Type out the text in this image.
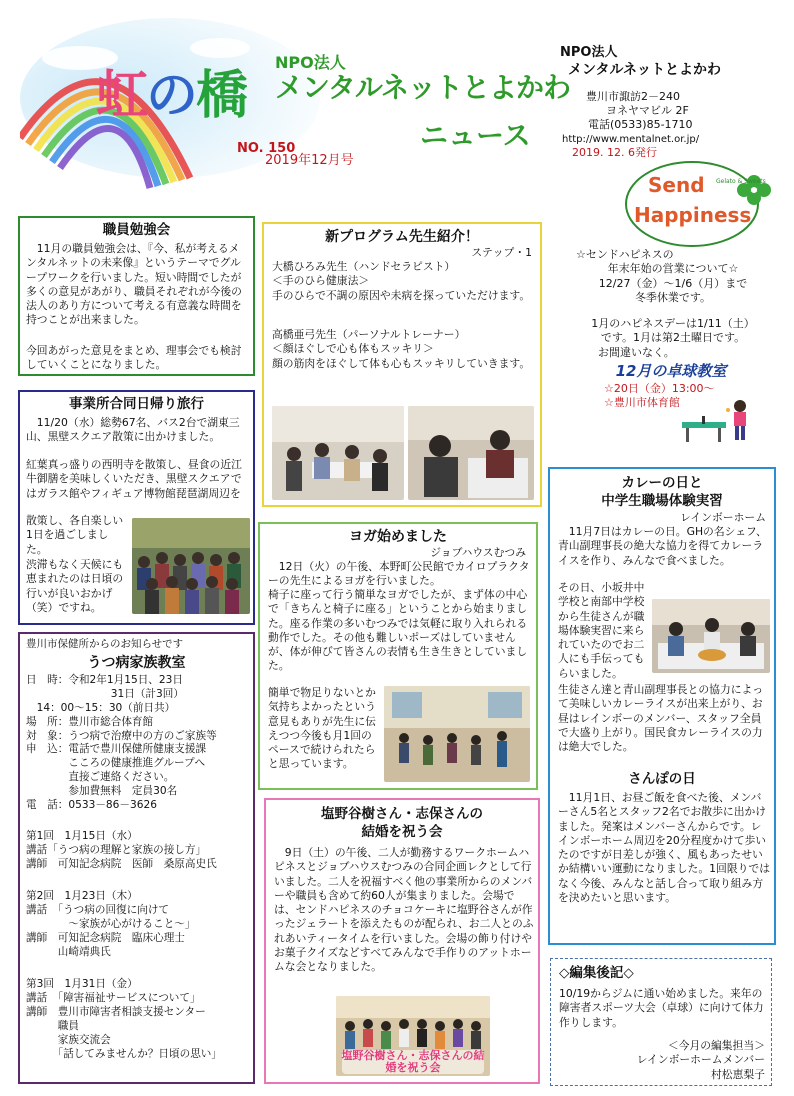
虹の橋
NPO法人
メンタルネットとよかわ
ニュース
NO. 150
2019年12月号
NPO法人
メンタルネットとよかわ
豊川市諏訪2－240
ヨネヤマビル 2F
電話(0533)85-1710
http://www.mentalnet.or.jp/
2019. 12. 6発行
職員勉強会
11月の職員勉強会は、『今、私が考えるメンタルネットの未来像』というテーマでグループワークを行いました。短い時間でしたが多くの意見があがり、職員それぞれが今後の法人のあり方について考える有意義な時間を持つことが出来ました。
今回あがった意見をまとめ、理事会でも検討していくことになりました。
事業所合同日帰り旅行
11/20（水）総勢67名、バス2台で湖東三山、黒壁スクエア散策に出かけました。
紅葉真っ盛りの西明寺を散策し、昼食の近江牛御膳を美味しくいただき、黒壁スクエアではガラス館やフィギュア博物館琵琶湖周辺を
散策し、各自楽しい1日を過ごしました。
渋滞もなく天候にも恵まれたのは日頃の行いが良いおかげ（笑）ですね。
豊川市保健所からのお知らせです
うつ病家族教室
日　時：令和2年1月15日、23日
　　　　　　　　31日（計3回）
　14：00～15：30（前日共）
場　所：豊川市総合体育館
対　象：うつ病で治療中の方のご家族等
申　込：電話で豊川保健所健康支援課
　　　　こころの健康推進グループへ
　　　　直接ご連絡ください。
　　　　参加費無料　定員30名
電　話：0533－86－3626
第1回　1月15日（水）
講話「うつ病の理解と家族の接し方」
講師　可知記念病院　医師　桑原高史氏
第2回　1月23日（木）
講話　「うつ病の回復に向けて
　　　　～家族が心がけること～」
講師　可知記念病院　臨床心理士
　　　山崎靖典氏
第3回　1月31日（金）
講話　「障害福祉サービスについて」
講師　豊川市障害者相談支援センター
　　　職員
　　　家族交流会
　　　「話してみませんか？日頃の思い」
新プログラム先生紹介！
ステップ・1
大橋ひろみ先生（ハンドセラピスト）
＜手のひら健康法＞
手のひらで不調の原因や未病を探っていただけます。
高橋亜弓先生（パーソナルトレーナー）
＜顔ほぐしで心も体もスッキリ＞
顔の筋肉をほぐして体も心もスッキリしていきます。
ヨガ始めました
ジョブハウスむつみ
12日（火）の午後、本野町公民館でカイロプラクターの先生によるヨガを行いました。
椅子に座って行う簡単なヨガでしたが、まず体の中心で「きちんと椅子に座る」ということから始まりました。座る作業の多いむつみでは気軽に取り入れられる動作でした。その他も難しいポーズはしていませんが、体が伸びて皆さんの表情も生き生きとしていました。
簡単で物足りないとか気持ちよかったという意見もありが先生に伝えつつ今後も月1回のペースで続けられたらと思っています。
塩野谷樹さん・志保さんの
結婚を祝う会
9日（土）の午後、二人が勤務するワークホームハピネスとジョブハウスむつみの合同企画レクとして行いました。二人を祝福すべく他の事業所からのメンバーや職員も含めて約60人が集まりました。会場では、センドハピネスのチョコケーキに塩野谷さんが作ったジェラートを添えたものが配られ、お二人とのふれあいティータイムを行いました。会場の飾り付けやお菓子クイズなどすべてみんなで手作りのアットホームな会となりました。
塩野谷樹さん・志保さんの結婚を祝う会
Send
Happiness
Gelato & Sweets
☆センドハピネスの
年末年始の営業について☆
12/27（金）～1/6（月）まで
冬季休業です。
1月のハピネスデーは1/11（土）
です。1月は第2土曜日です。
お間違いなく。
12月の卓球教室
☆20日（金）13:00～
☆豊川市体育館
カレーの日と
中学生職場体験実習
レインボーホーム
11月7日はカレーの日。GHの名シェフ、青山副理事長の絶大な協力を得てカレーライスを作り、みんなで食べました。
その日、小坂井中学校と南部中学校から生徒さんが職場体験実習に来られていたのでお二人にも手伝ってもらいました。
生徒さん達と青山副理事長との協力によって美味しいカレーライスが出来上がり、お昼はレインボーのメンバー、スタッフ全員で大盛り上がり。国民食カレーライスの力は絶大でした。
さんぽの日
11月1日、お昼ご飯を食べた後、メンバーさん5名とスタッフ2名でお散歩に出かけました。発案はメンバーさんからです。レインボーホーム周辺を20分程度かけて歩いたのですが日差しが強く、風もあったせいか結構いい運動になりました。1回限りではなく今後、みんなと話し合って取り組み方を決めたいと思います。
◇編集後記◇
10/19からジムに通い始めました。来年の障害者スポーツ大会（卓球）に向けて体力作りします。
＜今月の編集担当＞
レインボーホームメンバー
村松恵梨子
